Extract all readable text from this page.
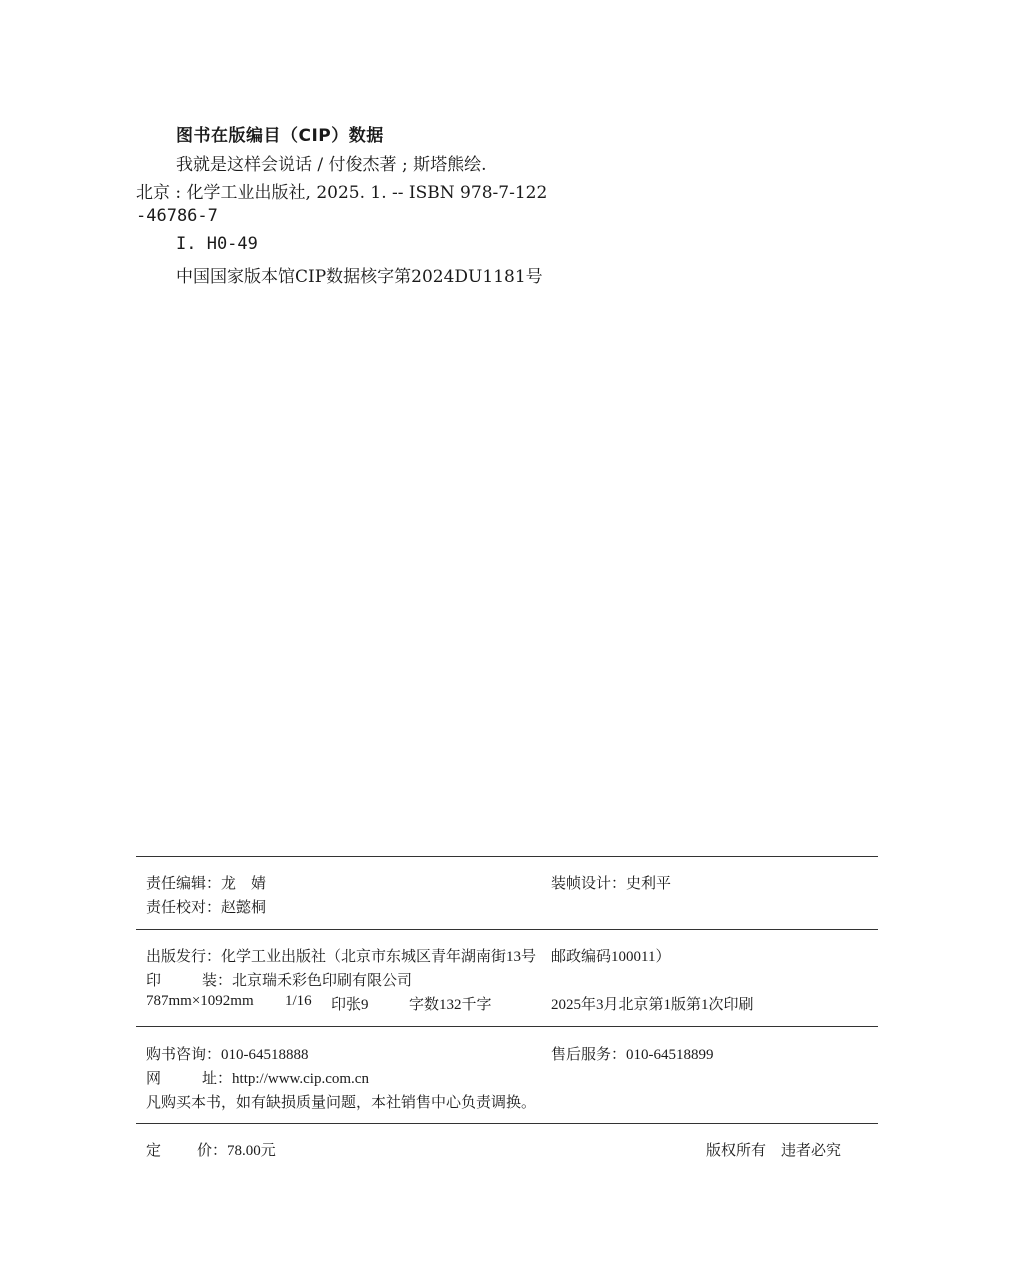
图书在版编目（CIP）数据
我就是这样会说话 / 付俊杰著 ; 斯塔熊绘.
北京 : 化学工业出版社, 2025. 1. -- ISBN 978-7-122
-46786-7
I. H0-49
中国国家版本馆CIP数据核字第2024DU1181号
责任编辑：龙　婧	装帧设计：史利平
责任校对：赵懿桐
出版发行：化学工业出版社（北京市东城区青年湖南街13号　邮政编码100011）
印	装：北京瑞禾彩色印刷有限公司
787mm×1092mm 1/16 印张9	字数132千字	2025年3月北京第1版第1次印刷
购书咨询：010-64518888	售后服务：010-64518899
网	址：http://www.cip.com.cn
凡购买本书，如有缺损质量问题，本社销售中心负责调换。
定 价：78.00元	版权所有　违者必究
